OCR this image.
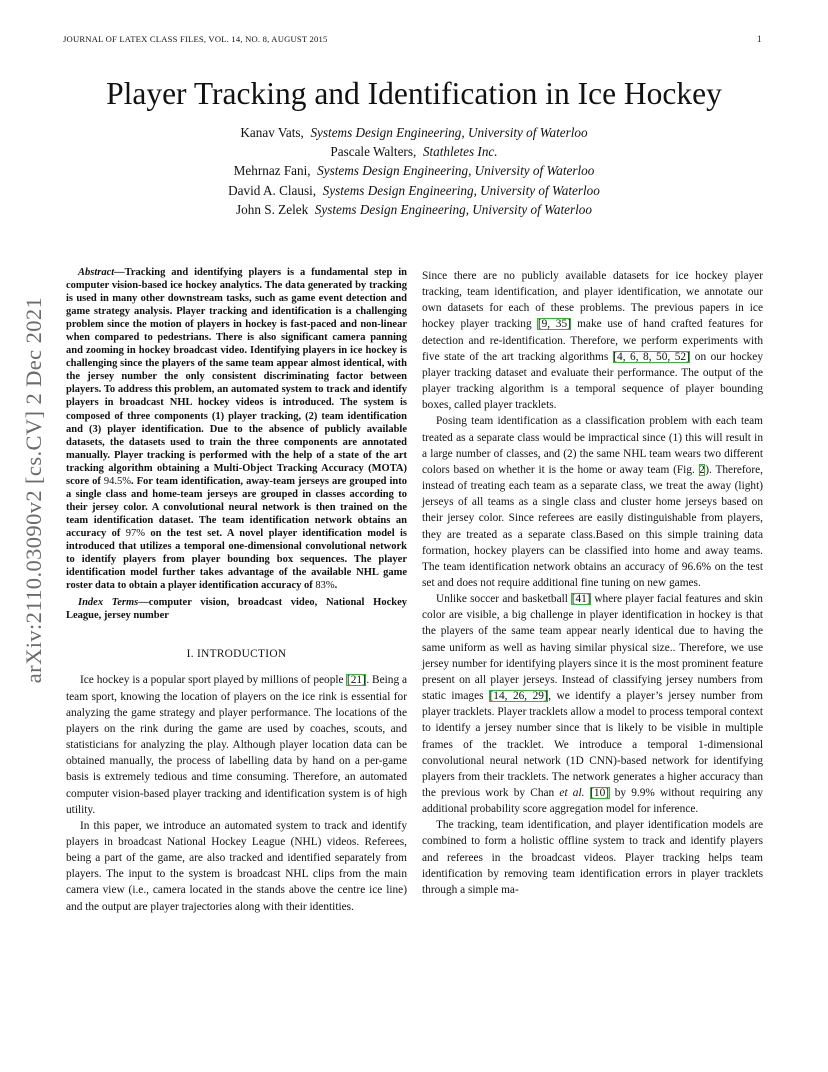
JOURNAL OF LATEX CLASS FILES, VOL. 14, NO. 8, AUGUST 2015	1
Player Tracking and Identification in Ice Hockey
Kanav Vats, Systems Design Engineering, University of Waterloo
Pascale Walters, Stathletes Inc.
Mehrnaz Fani, Systems Design Engineering, University of Waterloo
David A. Clausi, Systems Design Engineering, University of Waterloo
John S. Zelek Systems Design Engineering, University of Waterloo
arXiv:2110.03090v2 [cs.CV] 2 Dec 2021

Abstract—Tracking and identifying players is a fundamental step in computer vision-based ice hockey analytics. The data generated by tracking is used in many other downstream tasks, such as game event detection and game strategy analysis. Player tracking and identification is a challenging problem since the motion of players in hockey is fast-paced and non-linear when compared to pedestrians. There is also significant camera panning and zooming in hockey broadcast video. Identifying players in ice hockey is challenging since the players of the same team appear almost identical, with the jersey number the only consistent discriminating factor between players. To address this problem, an automated system to track and identify players in broadcast NHL hockey videos is introduced. The system is composed of three components (1) player tracking, (2) team identification and (3) player identification. Due to the absence of publicly available datasets, the datasets used to train the three components are annotated manually. Player tracking is performed with the help of a state of the art tracking algorithm obtaining a Multi-Object Tracking Accuracy (MOTA) score of 94.5%. For team identification, away-team jerseys are grouped into a single class and home-team jerseys are grouped in classes according to their jersey color. A convolutional neural network is then trained on the team identification dataset. The team identification network obtains an accuracy of 97% on the test set. A novel player identification model is introduced that utilizes a temporal one-dimensional convolutional network to identify players from player bounding box sequences. The player identification model further takes advantage of the available NHL game roster data to obtain a player identification accuracy of 83%.

Index Terms—computer vision, broadcast video, National Hockey League, jersey number

I. INTRODUCTION

Ice hockey is a popular sport played by millions of people [21]. Being a team sport, knowing the location of players on the ice rink is essential for analyzing the game strategy and player performance. The locations of the players on the rink during the game are used by coaches, scouts, and statisticians for analyzing the play. Although player location data can be obtained manually, the process of labelling data by hand on a per-game basis is extremely tedious and time consuming. Therefore, an automated computer vision-based player tracking and identification system is of high utility.

In this paper, we introduce an automated system to track and identify players in broadcast National Hockey League (NHL) videos. Referees, being a part of the game, are also tracked and identified separately from players. The input to the system is broadcast NHL clips from the main camera view (i.e., camera located in the stands above the centre ice line) and the output are player trajectories along with their identities.

Since there are no publicly available datasets for ice hockey player tracking, team identification, and player identification, we annotate our own datasets for each of these problems. The previous papers in ice hockey player tracking [9, 35] make use of hand crafted features for detection and re-identification. Therefore, we perform experiments with five state of the art tracking algorithms [4, 6, 8, 50, 52] on our hockey player tracking dataset and evaluate their performance. The output of the player tracking algorithm is a temporal sequence of player bounding boxes, called player tracklets.

Posing team identification as a classification problem with each team treated as a separate class would be impractical since (1) this will result in a large number of classes, and (2) the same NHL team wears two different colors based on whether it is the home or away team (Fig. 2). Therefore, instead of treating each team as a separate class, we treat the away (light) jerseys of all teams as a single class and cluster home jerseys based on their jersey color. Since referees are easily distinguishable from players, they are treated as a separate class.Based on this simple training data formation, hockey players can be classified into home and away teams. The team identification network obtains an accuracy of 96.6% on the test set and does not require additional fine tuning on new games.

Unlike soccer and basketball [41] where player facial features and skin color are visible, a big challenge in player identification in hockey is that the players of the same team appear nearly identical due to having the same uniform as well as having similar physical size.. Therefore, we use jersey number for identifying players since it is the most prominent feature present on all player jerseys. Instead of classifying jersey numbers from static images [14, 26, 29], we identify a player’s jersey number from player tracklets. Player tracklets allow a model to process temporal context to identify a jersey number since that is likely to be visible in multiple frames of the tracklet. We introduce a temporal 1-dimensional convolutional neural network (1D CNN)-based network for identifying players from their tracklets. The network generates a higher accuracy than the previous work by Chan et al. [10] by 9.9% without requiring any additional probability score aggregation model for inference.

The tracking, team identification, and player identification models are combined to form a holistic offline system to track and identify players and referees in the broadcast videos. Player tracking helps team identification by removing team identification errors in player tracklets through a simple ma-
